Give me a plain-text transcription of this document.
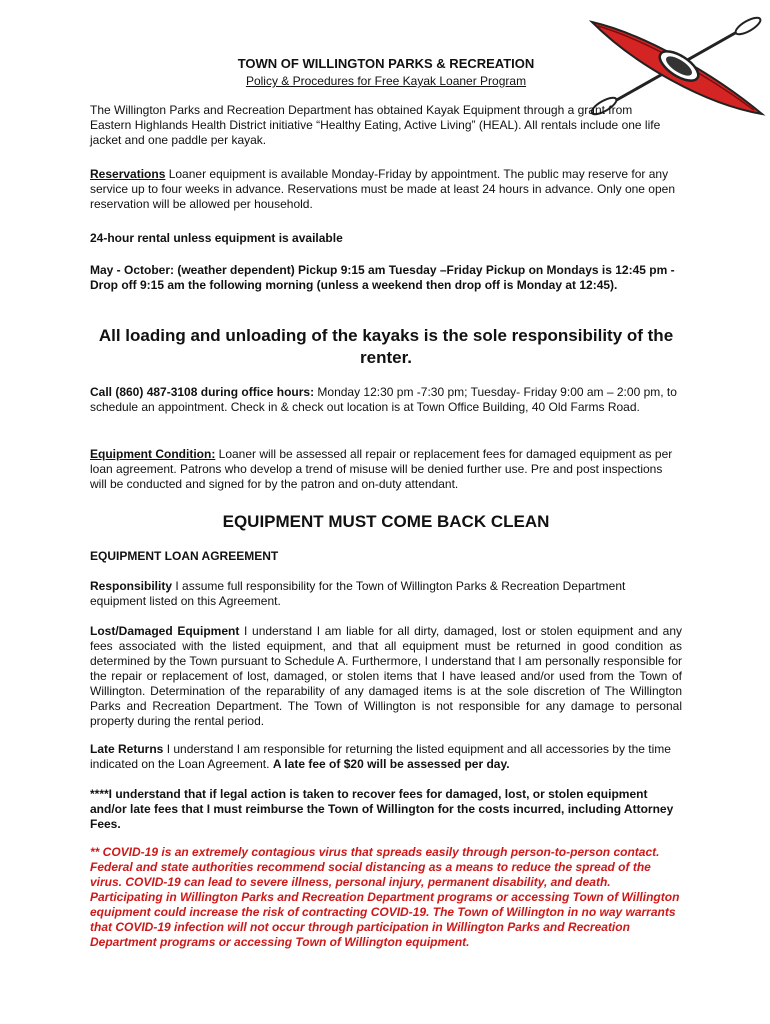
TOWN OF WILLINGTON PARKS & RECREATION
Policy & Procedures for Free Kayak Loaner Program
The Willington Parks and Recreation Department has obtained Kayak Equipment through a grant from Eastern Highlands Health District initiative “Healthy Eating, Active Living” (HEAL). All rentals include one life jacket and one paddle per kayak.
Reservations Loaner equipment is available Monday-Friday by appointment. The public may reserve for any service up to four weeks in advance. Reservations must be made at least 24 hours in advance. Only one open reservation will be allowed per household.
24-hour rental unless equipment is available
May - October: (weather dependent) Pickup 9:15 am Tuesday –Friday Pickup on Mondays is 12:45 pm - Drop off 9:15 am the following morning (unless a weekend then drop off is Monday at 12:45).
All loading and unloading of the kayaks is the sole responsibility of the renter.
Call (860) 487-3108 during office hours: Monday 12:30 pm -7:30 pm; Tuesday- Friday 9:00 am – 2:00 pm, to schedule an appointment. Check in & check out location is at Town Office Building, 40 Old Farms Road.
Equipment Condition: Loaner will be assessed all repair or replacement fees for damaged equipment as per loan agreement. Patrons who develop a trend of misuse will be denied further use. Pre and post inspections will be conducted and signed for by the patron and on-duty attendant.
EQUIPMENT MUST COME BACK CLEAN
EQUIPMENT LOAN AGREEMENT
Responsibility I assume full responsibility for the Town of Willington Parks & Recreation Department equipment listed on this Agreement.
Lost/Damaged Equipment I understand I am liable for all dirty, damaged, lost or stolen equipment and any fees associated with the listed equipment, and that all equipment must be returned in good condition as determined by the Town pursuant to Schedule A. Furthermore, I understand that I am personally responsible for the repair or replacement of lost, damaged, or stolen items that I have leased and/or used from the Town of Willington. Determination of the reparability of any damaged items is at the sole discretion of The Willington Parks and Recreation Department. The Town of Willington is not responsible for any damage to personal property during the rental period.
Late Returns I understand I am responsible for returning the listed equipment and all accessories by the time indicated on the Loan Agreement. A late fee of $20 will be assessed per day.
****I understand that if legal action is taken to recover fees for damaged, lost, or stolen equipment and/or late fees that I must reimburse the Town of Willington for the costs incurred, including Attorney Fees.
** COVID-19 is an extremely contagious virus that spreads easily through person-to-person contact. Federal and state authorities recommend social distancing as a means to reduce the spread of the virus. COVID-19 can lead to severe illness, personal injury, permanent disability, and death. Participating in Willington Parks and Recreation Department programs or accessing Town of Willington equipment could increase the risk of contracting COVID-19. The Town of Willington in no way warrants that COVID-19 infection will not occur through participation in Willington Parks and Recreation Department programs or accessing Town of Willington equipment.
